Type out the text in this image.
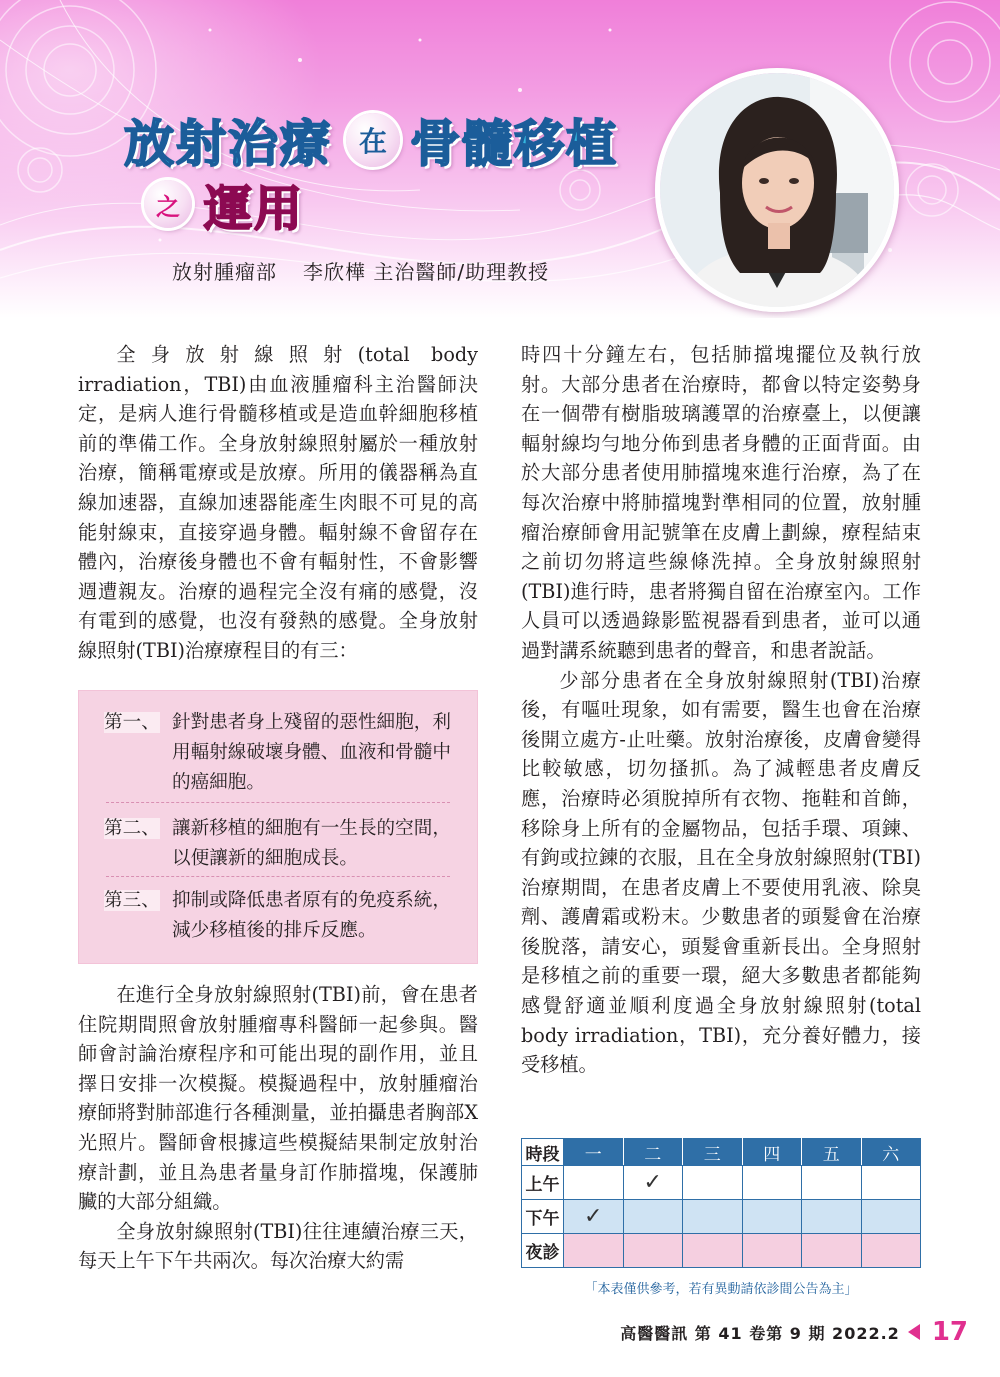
放射治療 在 骨髓移植
之 運用
放射腫瘤部 李欣樺 主治醫師/助理教授

全身放射線照射(total body irradiation，TBI)由血液腫瘤科主治醫師決定，是病人進行骨髓移植或是造血幹細胞移植前的準備工作。全身放射線照射屬於一種放射治療，簡稱電療或是放療。所用的儀器稱為直線加速器，直線加速器能產生肉眼不可見的高能射線束，直接穿過身體。輻射線不會留存在體內，治療後身體也不會有輻射性，不會影響週遭親友。治療的過程完全沒有痛的感覺，沒有電到的感覺，也沒有發熱的感覺。全身放射線照射(TBI)治療療程目的有三：

第一、 針對患者身上殘留的惡性細胞，利用輻射線破壞身體、血液和骨髓中的癌細胞。
第二、 讓新移植的細胞有一生長的空間，以便讓新的細胞成長。
第三、 抑制或降低患者原有的免疫系統，減少移植後的排斥反應。

在進行全身放射線照射(TBI)前，會在患者住院期間照會放射腫瘤專科醫師一起參與。醫師會討論治療程序和可能出現的副作用，並且擇日安排一次模擬。模擬過程中，放射腫瘤治療師將對肺部進行各種測量，並拍攝患者胸部X光照片。醫師會根據這些模擬結果制定放射治療計劃，並且為患者量身訂作肺擋塊，保護肺臟的大部分組織。

全身放射線照射(TBI)往往連續治療三天，每天上午下午共兩次。每次治療大約需

時四十分鐘左右，包括肺擋塊擺位及執行放射。大部分患者在治療時，都會以特定姿勢身在一個帶有樹脂玻璃護罩的治療臺上，以便讓輻射線均勻地分佈到患者身體的正面背面。由於大部分患者使用肺擋塊來進行治療，為了在每次治療中將肺擋塊對準相同的位置，放射腫瘤治療師會用記號筆在皮膚上劃線，療程結束之前切勿將這些線條洗掉。全身放射線照射(TBI)進行時，患者將獨自留在治療室內。工作人員可以透過錄影監視器看到患者，並可以通過對講系統聽到患者的聲音，和患者說話。

少部分患者在全身放射線照射(TBI)治療後，有嘔吐現象，如有需要，醫生也會在治療後開立處方-止吐藥。放射治療後，皮膚會變得比較敏感，切勿搔抓。為了減輕患者皮膚反應，治療時必須脫掉所有衣物、拖鞋和首飾，移除身上所有的金屬物品，包括手環、項鍊、有鉤或拉鍊的衣服，且在全身放射線照射(TBI)治療期間，在患者皮膚上不要使用乳液、除臭劑、護膚霜或粉末。少數患者的頭髮會在治療後脫落，請安心，頭髮會重新長出。全身照射是移植之前的重要一環，絕大多數患者都能夠感覺舒適並順利度過全身放射線照射(total body irradiation，TBI)，充分養好體力，接受移植。

時段	一	二	三	四	五	六
上午		✓				
下午	✓					
夜診						
「本表僅供參考，若有異動請依診間公告為主」
高醫醫訊 第 41 卷第 9 期 2022.2 17
